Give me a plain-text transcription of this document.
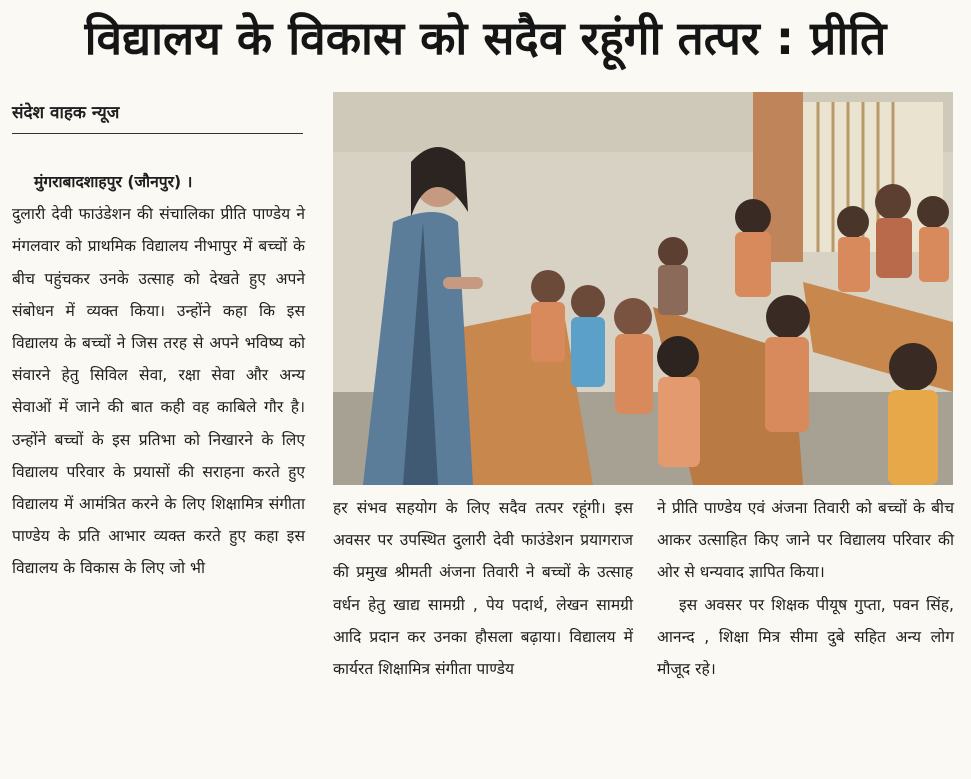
विद्यालय के विकास को सदैव रहूंगी तत्पर : प्रीति
संदेश वाहक न्यूज

मुंगराबादशाहपुर (जौनपुर) ।

दुलारी देवी फाउंडेशन की संचालिका प्रीति पाण्डेय ने मंगलवार को प्राथमिक विद्यालय नीभापुर में बच्चों के बीच पहुंचकर उनके उत्साह को देखते हुए अपने संबोधन में व्यक्त किया। उन्होंने कहा कि इस विद्यालय के बच्चों ने जिस तरह से अपने भविष्य को संवारने हेतु सिविल सेवा, रक्षा सेवा और अन्य सेवाओं में जाने की बात कही वह काबिले गौर है। उन्होंने बच्चों के इस प्रतिभा को निखारने के लिए विद्यालय परिवार के प्रयासों की सराहना करते हुए विद्यालय में आमंत्रित करने के लिए शिक्षामित्र संगीता पाण्डेय के प्रति आभार व्यक्त करते हुए कहा इस विद्यालय के विकास के लिए जो भी

हर संभव सहयोग के लिए सदैव तत्पर रहूंगी। इस अवसर पर उपस्थित दुलारी देवी फाउंडेशन प्रयागराज की प्रमुख श्रीमती अंजना तिवारी ने बच्चों के उत्साह वर्धन हेतु खाद्य सामग्री , पेय पदार्थ, लेखन सामग्री आदि प्रदान कर उनका हौसला बढ़ाया। विद्यालय में कार्यरत शिक्षामित्र संगीता पाण्डेय

ने प्रीति पाण्डेय एवं अंजना तिवारी को बच्चों के बीच आकर उत्साहित किए जाने पर विद्यालय परिवार की ओर से धन्यवाद ज्ञापित किया।

इस अवसर पर शिक्षक पीयूष गुप्ता, पवन सिंह, आनन्द , शिक्षा मित्र सीमा दुबे सहित अन्य लोग मौजूद रहे।
